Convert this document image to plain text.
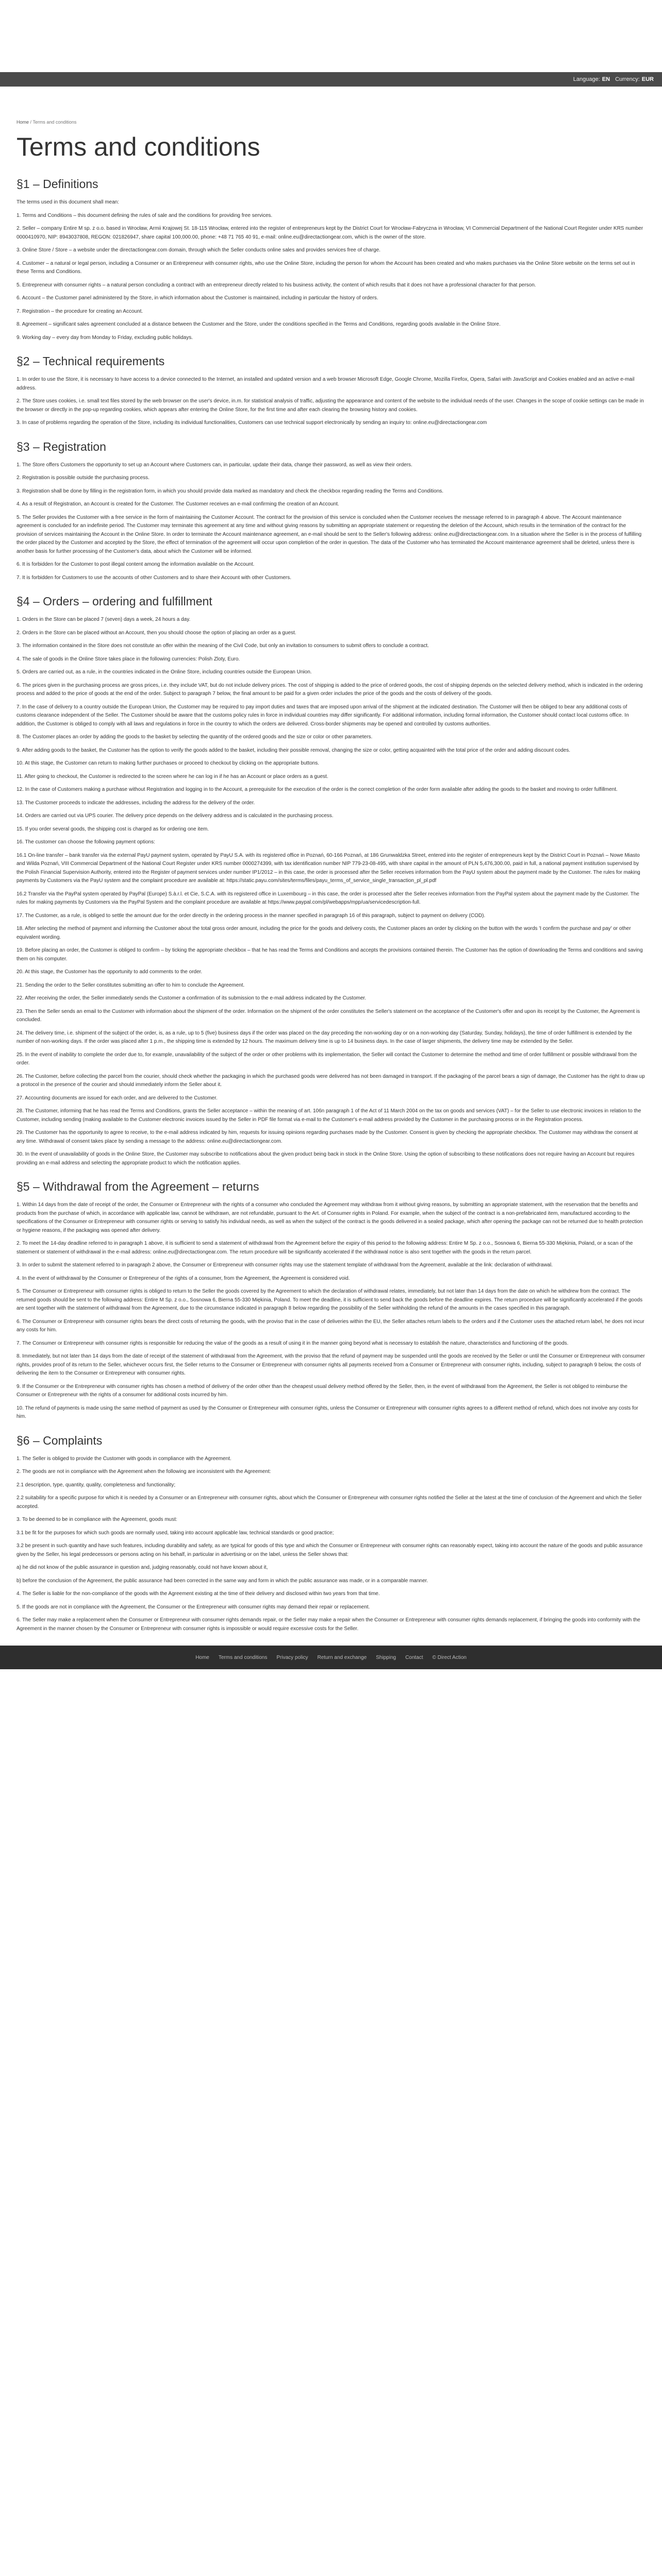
Language: EN Currency: EUR
Home / Terms and conditions
Terms and conditions
§1 – Definitions

The terms used in this document shall mean:

1. Terms and Conditions – this document defining the rules of sale and the conditions for providing free services.

2. Seller – company Entire M sp. z o.o. based in Wrocław, Armii Krajowej St. 18-115 Wrocław, entered into the register of entrepreneurs kept by the District Court for Wrocław-Fabryczna in Wrocław, VI Commercial Department of the National Court Register under KRS number 0000410970, NIP: 8943037808, REGON: 021826947, share capital 100,000.00, phone: +48 71 765 40 91, e-mail: online.eu@directactiongear.com, which is the owner of the store.

3. Online Store / Store – a website under the directactiongear.com domain, through which the Seller conducts online sales and provides services free of charge.

4. Customer – a natural or legal person, including a Consumer or an Entrepreneur with consumer rights, who use the Online Store, including the person for whom the Account has been created and who makes purchases via the Online Store website on the terms set out in these Terms and Conditions.

5. Entrepreneur with consumer rights – a natural person concluding a contract with an entrepreneur directly related to his business activity, the content of which results that it does not have a professional character for that person.

6. Account – the Customer panel administered by the Store, in which information about the Customer is maintained, including in particular the history of orders.

7. Registration – the procedure for creating an Account.

8. Agreement – significant sales agreement concluded at a distance between the Customer and the Store, under the conditions specified in the Terms and Conditions, regarding goods available in the Online Store.

9. Working day – every day from Monday to Friday, excluding public holidays.

§2 – Technical requirements

1. In order to use the Store, it is necessary to have access to a device connected to the Internet, an installed and updated version and a web browser Microsoft Edge, Google Chrome, Mozilla Firefox, Opera, Safari with JavaScript and Cookies enabled and an active e-mail address.

2. The Store uses cookies, i.e. small text files stored by the web browser on the user's device, in.m. for statistical analysis of traffic, adjusting the appearance and content of the website to the individual needs of the user. Changes in the scope of cookie settings can be made in the browser or directly in the pop-up regarding cookies, which appears after entering the Online Store, for the first time and after each clearing the browsing history and cookies.

3. In case of problems regarding the operation of the Store, including its individual functionalities, Customers can use technical support electronically by sending an inquiry to: online.eu@directactiongear.com

§3 – Registration

1. The Store offers Customers the opportunity to set up an Account where Customers can, in particular, update their data, change their password, as well as view their orders.

2. Registration is possible outside the purchasing process.

3. Registration shall be done by filling in the registration form, in which you should provide data marked as mandatory and check the checkbox regarding reading the Terms and Conditions.

4. As a result of Registration, an Account is created for the Customer. The Customer receives an e-mail confirming the creation of an Account.

5. The Seller provides the Customer with a free service in the form of maintaining the Customer Account. The contract for the provision of this service is concluded when the Customer receives the message referred to in paragraph 4 above. The Account maintenance agreement is concluded for an indefinite period. The Customer may terminate this agreement at any time and without giving reasons by submitting an appropriate statement or requesting the deletion of the Account, which results in the termination of the contract for the provision of services maintaining the Account in the Online Store. In order to terminate the Account maintenance agreement, an e-mail should be sent to the Seller's following address: online.eu@directactiongear.com. In a situation where the Seller is in the process of fulfilling the order placed by the Customer and accepted by the Store, the effect of termination of the agreement will occur upon completion of the order in question. The data of the Customer who has terminated the Account maintenance agreement shall be deleted, unless there is another basis for further processing of the Customer's data, about which the Customer will be informed.

6. It is forbidden for the Customer to post illegal content among the information available on the Account.

7. It is forbidden for Customers to use the accounts of other Customers and to share their Account with other Customers.

§4 – Orders – ordering and fulfillment

1. Orders in the Store can be placed 7 (seven) days a week, 24 hours a day.

2. Orders in the Store can be placed without an Account, then you should choose the option of placing an order as a guest.

3. The information contained in the Store does not constitute an offer within the meaning of the Civil Code, but only an invitation to consumers to submit offers to conclude a contract.

4. The sale of goods in the Online Store takes place in the following currencies: Polish Zloty, Euro.

5. Orders are carried out, as a rule, in the countries indicated in the Online Store, including countries outside the European Union.

6. The prices given in the purchasing process are gross prices, i.e. they include VAT, but do not include delivery prices. The cost of shipping is added to the price of ordered goods, the cost of shipping depends on the selected delivery method, which is indicated in the ordering process and added to the price of goods at the end of the order. Subject to paragraph 7 below, the final amount to be paid for a given order includes the price of the goods and the costs of delivery of the goods.

7. In the case of delivery to a country outside the European Union, the Customer may be required to pay import duties and taxes that are imposed upon arrival of the shipment at the indicated destination. The Customer will then be obliged to bear any additional costs of customs clearance independent of the Seller. The Customer should be aware that the customs policy rules in force in individual countries may differ significantly. For additional information, including formal information, the Customer should contact local customs office. In addition, the Customer is obliged to comply with all laws and regulations in force in the country to which the orders are delivered. Cross-border shipments may be opened and controlled by customs authorities.

8. The Customer places an order by adding the goods to the basket by selecting the quantity of the ordered goods and the size or color or other parameters.

9. After adding goods to the basket, the Customer has the option to verify the goods added to the basket, including their possible removal, changing the size or color, getting acquainted with the total price of the order and adding discount codes.

10. At this stage, the Customer can return to making further purchases or proceed to checkout by clicking on the appropriate buttons.

11. After going to checkout, the Customer is redirected to the screen where he can log in if he has an Account or place orders as a guest.

12. In the case of Customers making a purchase without Registration and logging in to the Account, a prerequisite for the execution of the order is the correct completion of the order form available after adding the goods to the basket and moving to order fulfillment.

13. The Customer proceeds to indicate the addresses, including the address for the delivery of the order.

14. Orders are carried out via UPS courier. The delivery price depends on the delivery address and is calculated in the purchasing process.

15. If you order several goods, the shipping cost is charged as for ordering one item.

16. The customer can choose the following payment options:

16.1 On-line transfer – bank transfer via the external PayU payment system, operated by PayU S.A. with its registered office in Poznań, 60-166 Poznań, at 186 Grunwaldzka Street, entered into the register of entrepreneurs kept by the District Court in Poznań – Nowe Miasto and Wilda Poznań, VIII Commercial Department of the National Court Register under KRS number 0000274399, with tax identification number NIP 779-23-08-495, with share capital in the amount of PLN 5,476,300.00, paid in full, a national payment institution supervised by the Polish Financial Supervision Authority, entered into the Register of payment services under number IP1/2012 – in this case, the order is processed after the Seller receives information from the PayU system about the payment made by the Customer. The rules for making payments by Customers via the PayU system and the complaint procedure are available at: https://static.payu.com/sites/terms/files/payu_terms_of_service_single_transaction_pl_pl.pdf

16.2 Transfer via the PayPal system operated by PayPal (Europe) S.à.r.l. et Cie, S.C.A. with its registered office in Luxembourg – in this case, the order is processed after the Seller receives information from the PayPal system about the payment made by the Customer. The rules for making payments by Customers via the PayPal System and the complaint procedure are available at https://www.paypal.com/pl/webapps/mpp/ua/servicedescription-full.

17. The Customer, as a rule, is obliged to settle the amount due for the order directly in the ordering process in the manner specified in paragraph 16 of this paragraph, subject to payment on delivery (COD).

18. After selecting the method of payment and informing the Customer about the total gross order amount, including the price for the goods and delivery costs, the Customer places an order by clicking on the button with the words 'I confirm the purchase and pay' or other equivalent wording.

19. Before placing an order, the Customer is obliged to confirm – by ticking the appropriate checkbox – that he has read the Terms and Conditions and accepts the provisions contained therein. The Customer has the option of downloading the Terms and conditions and saving them on his computer.

20. At this stage, the Customer has the opportunity to add comments to the order.

21. Sending the order to the Seller constitutes submitting an offer to him to conclude the Agreement.

22. After receiving the order, the Seller immediately sends the Customer a confirmation of its submission to the e-mail address indicated by the Customer.

23. Then the Seller sends an email to the Customer with information about the shipment of the order. Information on the shipment of the order constitutes the Seller's statement on the acceptance of the Customer's offer and upon its receipt by the Customer, the Agreement is concluded.

24. The delivery time, i.e. shipment of the subject of the order, is, as a rule, up to 5 (five) business days if the order was placed on the day preceding the non-working day or on a non-working day (Saturday, Sunday, holidays), the time of order fulfillment is extended by the number of non-working days. If the order was placed after 1 p.m., the shipping time is extended by 12 hours. The maximum delivery time is up to 14 business days. In the case of larger shipments, the delivery time may be extended by the Seller.

25. In the event of inability to complete the order due to, for example, unavailability of the subject of the order or other problems with its implementation, the Seller will contact the Customer to determine the method and time of order fulfillment or possible withdrawal from the order.

26. The Customer, before collecting the parcel from the courier, should check whether the packaging in which the purchased goods were delivered has not been damaged in transport. If the packaging of the parcel bears a sign of damage, the Customer has the right to draw up a protocol in the presence of the courier and should immediately inform the Seller about it.

27. Accounting documents are issued for each order, and are delivered to the Customer.

28. The Customer, informing that he has read the Terms and Conditions, grants the Seller acceptance – within the meaning of art. 106n paragraph 1 of the Act of 11 March 2004 on the tax on goods and services (VAT) – for the Seller to use electronic invoices in relation to the Customer, including sending (making available to the Customer electronic invoices issued by the Seller in PDF file format via e-mail to the Customer's e-mail address provided by the Customer in the purchasing process or in the Registration process.

29. The Customer has the opportunity to agree to receive, to the e-mail address indicated by him, requests for issuing opinions regarding purchases made by the Customer. Consent is given by checking the appropriate checkbox. The Customer may withdraw the consent at any time. Withdrawal of consent takes place by sending a message to the address: online.eu@directactiongear.com.

30. In the event of unavailability of goods in the Online Store, the Customer may subscribe to notifications about the given product being back in stock in the Online Store. Using the option of subscribing to these notifications does not require having an Account but requires providing an e-mail address and selecting the appropriate product to which the notification applies.

§5 – Withdrawal from the Agreement – returns

1. Within 14 days from the date of receipt of the order, the Consumer or Entrepreneur with the rights of a consumer who concluded the Agreement may withdraw from it without giving reasons, by submitting an appropriate statement, with the reservation that the benefits and products from the purchase of which, in accordance with applicable law, cannot be withdrawn, are not refundable, pursuant to the Art. of Consumer rights in Poland. For example, when the subject of the contract is a non-prefabricated item, manufactured according to the specifications of the Consumer or Entrepreneur with consumer rights or serving to satisfy his individual needs, as well as when the subject of the contract is the goods delivered in a sealed package, which after opening the package can not be returned due to health protection or hygiene reasons, if the packaging was opened after delivery.

2. To meet the 14-day deadline referred to in paragraph 1 above, it is sufficient to send a statement of withdrawal from the Agreement before the expiry of this period to the following address: Entire M Sp. z o.o., Sosnowa 6, Bierna 55-330 Miękinia, Poland, or a scan of the statement or statement of withdrawal in the e-mail address: online.eu@directactiongear.com. The return procedure will be significantly accelerated if the withdrawal notice is also sent together with the goods in the return parcel.

3. In order to submit the statement referred to in paragraph 2 above, the Consumer or Entrepreneur with consumer rights may use the statement template of withdrawal from the Agreement, available at the link: declaration of withdrawal.

4. In the event of withdrawal by the Consumer or Entrepreneur of the rights of a consumer, from the Agreement, the Agreement is considered void.

5. The Consumer or Entrepreneur with consumer rights is obliged to return to the Seller the goods covered by the Agreement to which the declaration of withdrawal relates, immediately, but not later than 14 days from the date on which he withdrew from the contract. The returned goods should be sent to the following address: Entire M Sp. z o.o., Sosnowa 6, Bierna 55-330 Miękinia, Poland. To meet the deadline, it is sufficient to send back the goods before the deadline expires. The return procedure will be significantly accelerated if the goods are sent together with the statement of withdrawal from the Agreement, due to the circumstance indicated in paragraph 8 below regarding the possibility of the Seller withholding the refund of the amounts in the cases specified in this paragraph.

6. The Consumer or Entrepreneur with consumer rights bears the direct costs of returning the goods, with the proviso that in the case of deliveries within the EU, the Seller attaches return labels to the orders and if the Customer uses the attached return label, he does not incur any costs for him.

7. The Consumer or Entrepreneur with consumer rights is responsible for reducing the value of the goods as a result of using it in the manner going beyond what is necessary to establish the nature, characteristics and functioning of the goods.

8. Immediately, but not later than 14 days from the date of receipt of the statement of withdrawal from the Agreement, with the proviso that the refund of payment may be suspended until the goods are received by the Seller or until the Consumer or Entrepreneur with consumer rights, provides proof of its return to the Seller, whichever occurs first, the Seller returns to the Consumer or Entrepreneur with consumer rights all payments received from a Consumer or Entrepreneur with consumer rights, including, subject to paragraph 9 below, the costs of delivering the item to the Consumer or Entrepreneur with consumer rights.

9. If the Consumer or the Entrepreneur with consumer rights has chosen a method of delivery of the order other than the cheapest usual delivery method offered by the Seller, then, in the event of withdrawal from the Agreement, the Seller is not obliged to reimburse the Consumer or Entrepreneur with the rights of a consumer for additional costs incurred by him.

10. The refund of payments is made using the same method of payment as used by the Consumer or Entrepreneur with consumer rights, unless the Consumer or Entrepreneur with consumer rights agrees to a different method of refund, which does not involve any costs for him.

§6 – Complaints

1. The Seller is obliged to provide the Customer with goods in compliance with the Agreement.

2. The goods are not in compliance with the Agreement when the following are inconsistent with the Agreement:

2.1 description, type, quantity, quality, completeness and functionality;

2.2 suitability for a specific purpose for which it is needed by a Consumer or an Entrepreneur with consumer rights, about which the Consumer or Entrepreneur with consumer rights notified the Seller at the latest at the time of conclusion of the Agreement and which the Seller accepted.

3. To be deemed to be in compliance with the Agreement, goods must:

3.1 be fit for the purposes for which such goods are normally used, taking into account applicable law, technical standards or good practice;

3.2 be present in such quantity and have such features, including durability and safety, as are typical for goods of this type and which the Consumer or Entrepreneur with consumer rights can reasonably expect, taking into account the nature of the goods and public assurance given by the Seller, his legal predecessors or persons acting on his behalf, in particular in advertising or on the label, unless the Seller shows that:

a) he did not know of the public assurance in question and, judging reasonably, could not have known about it,

b) before the conclusion of the Agreement, the public assurance had been corrected in the same way and form in which the public assurance was made, or in a comparable manner.

4. The Seller is liable for the non-compliance of the goods with the Agreement existing at the time of their delivery and disclosed within two years from that time.

5. If the goods are not in compliance with the Agreement, the Consumer or the Entrepreneur with consumer rights may demand their repair or replacement.

6. The Seller may make a replacement when the Consumer or Entrepreneur with consumer rights demands repair, or the Seller may make a repair when the Consumer or Entrepreneur with consumer rights demands replacement, if bringing the goods into conformity with the Agreement in the manner chosen by the Consumer or Entrepreneur with consumer rights is impossible or would require excessive costs for the Seller.

Home Terms and conditions Privacy policy Return and exchange Shipping Contact © Direct Action
